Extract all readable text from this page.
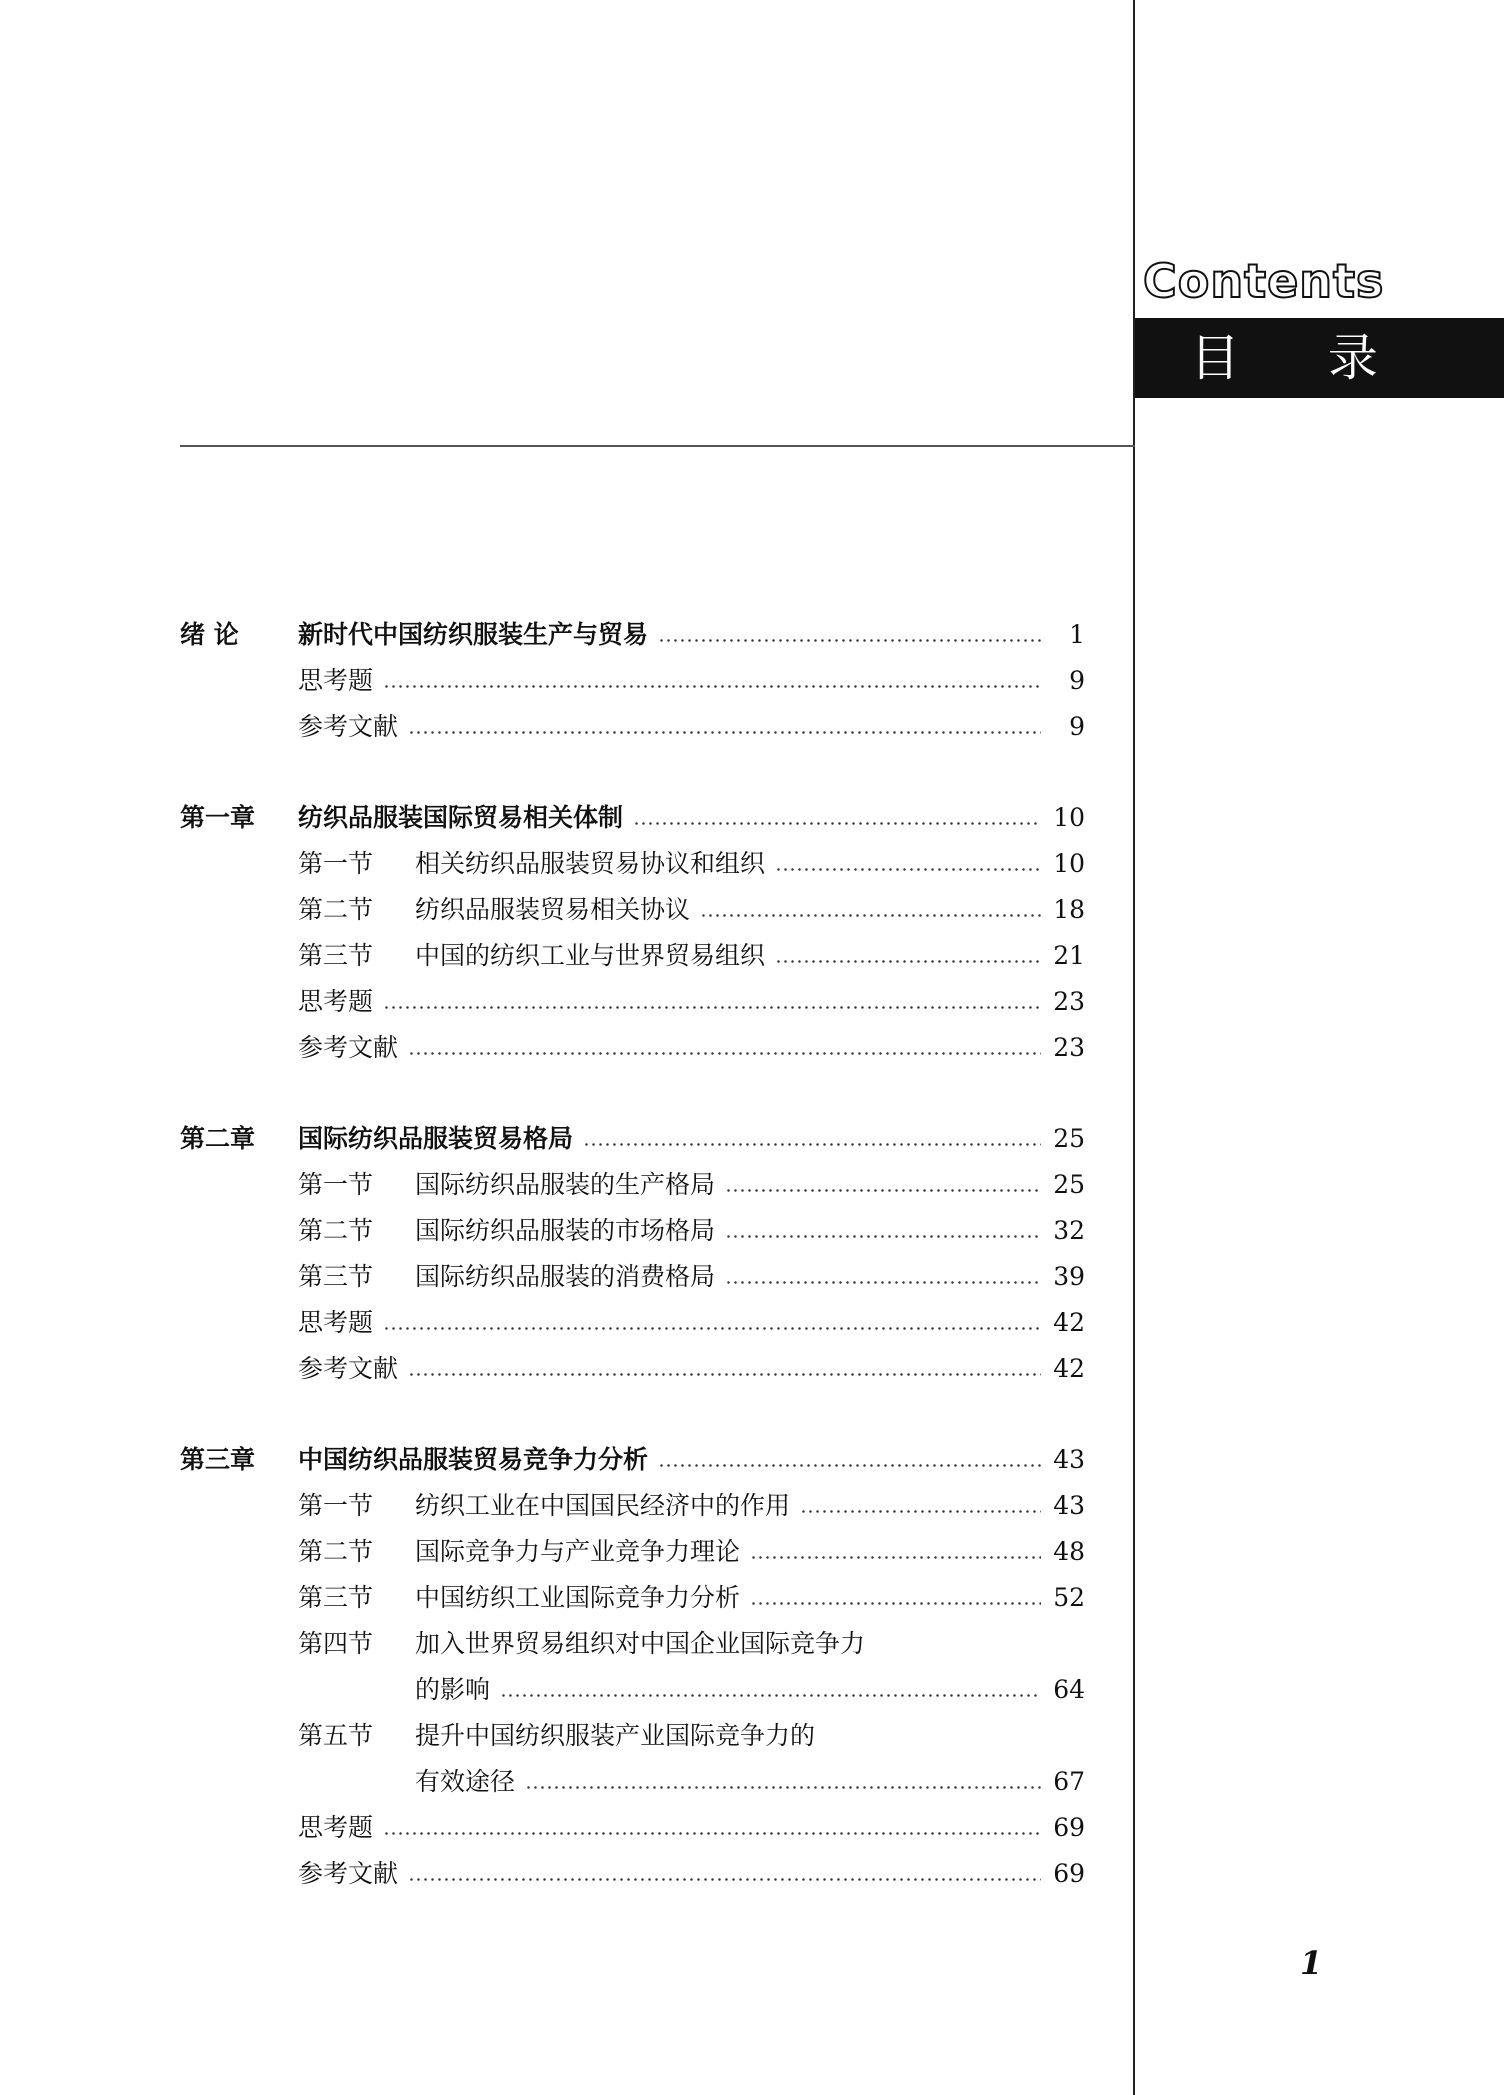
Contents
目 录
绪 论	新时代中国纺织服装生产与贸易	1
思考题	9
参考文献	9
第一章	纺织品服装国际贸易相关体制	10
第一节	相关纺织品服装贸易协议和组织	10
第二节	纺织品服装贸易相关协议	18
第三节	中国的纺织工业与世界贸易组织	21
思考题	23
参考文献	23
第二章	国际纺织品服装贸易格局	25
第一节	国际纺织品服装的生产格局	25
第二节	国际纺织品服装的市场格局	32
第三节	国际纺织品服装的消费格局	39
思考题	42
参考文献	42
第三章	中国纺织品服装贸易竞争力分析	43
第一节	纺织工业在中国国民经济中的作用	43
第二节	国际竞争力与产业竞争力理论	48
第三节	中国纺织工业国际竞争力分析	52
第四节	加入世界贸易组织对中国企业国际竞争力
的影响	64
第五节	提升中国纺织服装产业国际竞争力的
有效途径	67
思考题	69
参考文献	69
1
